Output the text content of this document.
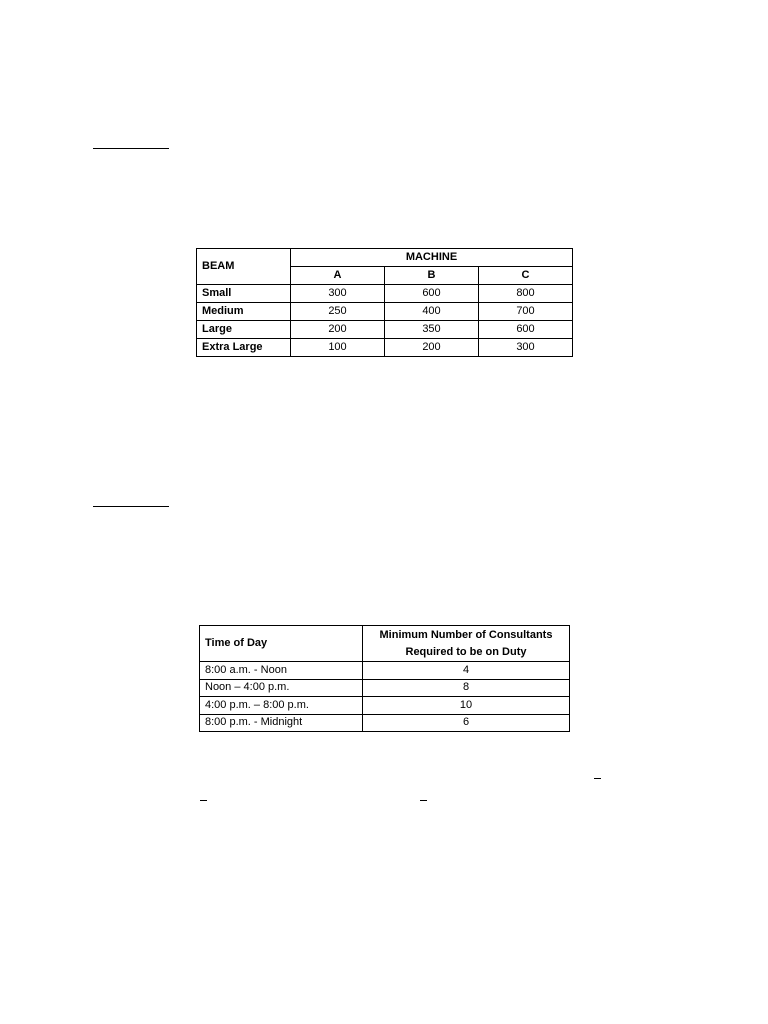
BEAM	MACHINE		
	A	B	C
Small	300	600	800
Medium	250	400	700
Large	200	350	600
Extra Large	100	200	300
Time of Day	Minimum Number of Consultants
Required to be on Duty
8:00 a.m. - Noon	4
Noon – 4:00 p.m.	8
4:00 p.m. – 8:00 p.m.	10
8:00 p.m. - Midnight	6
